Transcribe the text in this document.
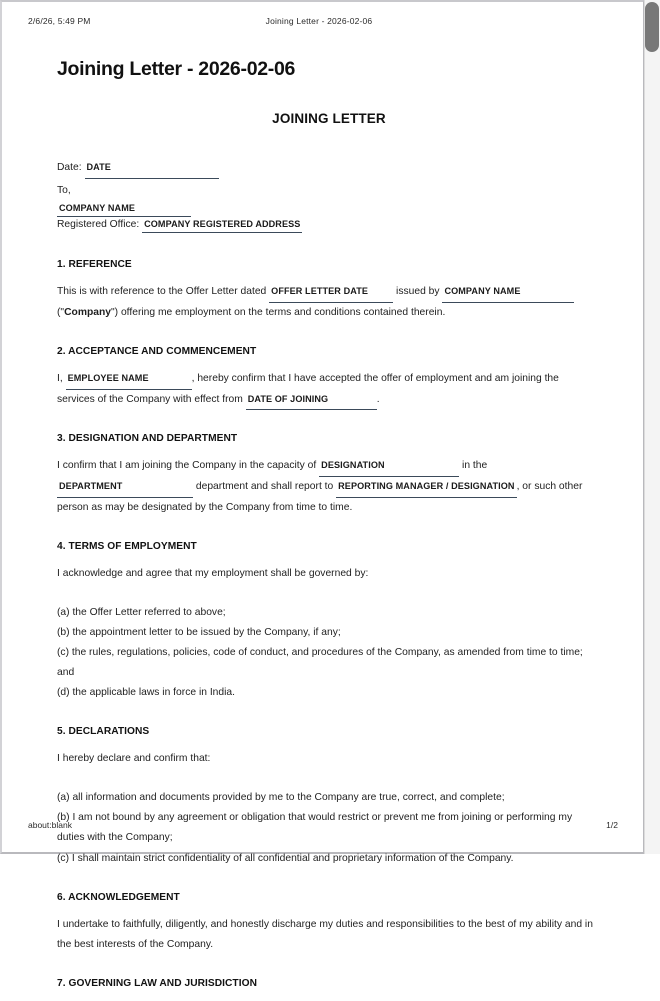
2/6/26, 5:49 PM	Joining Letter - 2026-02-06
Joining Letter - 2026-02-06
JOINING LETTER
Date: DATE
To,
COMPANY NAME
Registered Office: COMPANY REGISTERED ADDRESS
1. REFERENCE

This is with reference to the Offer Letter dated OFFER LETTER DATE	issued by COMPANY NAME

("Company") offering me employment on the terms and conditions contained therein.

2. ACCEPTANCE AND COMMENCEMENT

I, EMPLOYEE NAME	, hereby confirm that I have accepted the offer of employment and am joining the

services of the Company with effect from DATE OF JOINING	.

3. DESIGNATION AND DEPARTMENT

I confirm that I am joining the Company in the capacity of DESIGNATION	in the

DEPARTMENT	department and shall report to REPORTING MANAGER / DESIGNATION , or such other

person as may be designated by the Company from time to time.

4. TERMS OF EMPLOYMENT

I acknowledge and agree that my employment shall be governed by:

(a) the Offer Letter referred to above;

(b) the appointment letter to be issued by the Company, if any;

(c) the rules, regulations, policies, code of conduct, and procedures of the Company, as amended from time to time; and

(d) the applicable laws in force in India.

5. DECLARATIONS

I hereby declare and confirm that:

(a) all information and documents provided by me to the Company are true, correct, and complete;

(b) I am not bound by any agreement or obligation that would restrict or prevent me from joining or performing my

duties with the Company;

(c) I shall maintain strict confidentiality of all confidential and proprietary information of the Company.

6. ACKNOWLEDGEMENT

I undertake to faithfully, diligently, and honestly discharge my duties and responsibilities to the best of my ability and in

the best interests of the Company.

7. GOVERNING LAW AND JURISDICTION
about:blank	1/2
